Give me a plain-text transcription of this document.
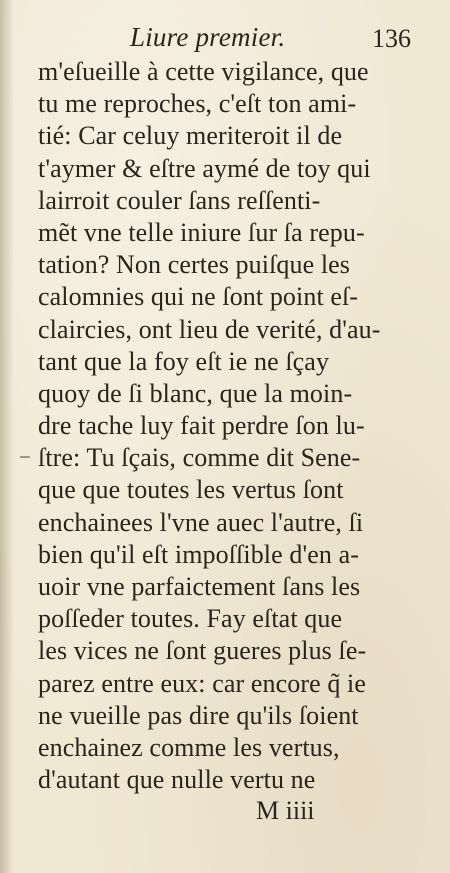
Liure premier.	136
m'eſueille à cette vigilance, que
tu me reproches, c'eſt ton ami-
tié: Car celuy meriteroit il de
t'aymer & eſtre aymé de toy qui
lairroit couler ſans reſſenti-
mẽt vne telle iniure ſur ſa repu-
tation? Non certes puiſque les
calomnies qui ne ſont point eſ-
claircies, ont lieu de verité, d'au-
tant que la foy eſt ie ne ſçay
quoy de ſi blanc, que la moin-
dre tache luy fait perdre ſon lu-
ſtre: Tu ſçais, comme dit Sene-
que que toutes les vertus ſont
enchainees l'vne auec l'autre, ſi
bien qu'il eſt impoſſible d'en a-
uoir vne parfaictement ſans les
poſſeder toutes. Fay eſtat que
les vices ne ſont gueres plus ſe-
parez entre eux: car encore q̃ ie
ne vueille pas dire qu'ils ſoient
enchainez comme les vertus,
d'autant que nulle vertu ne
M iiii
